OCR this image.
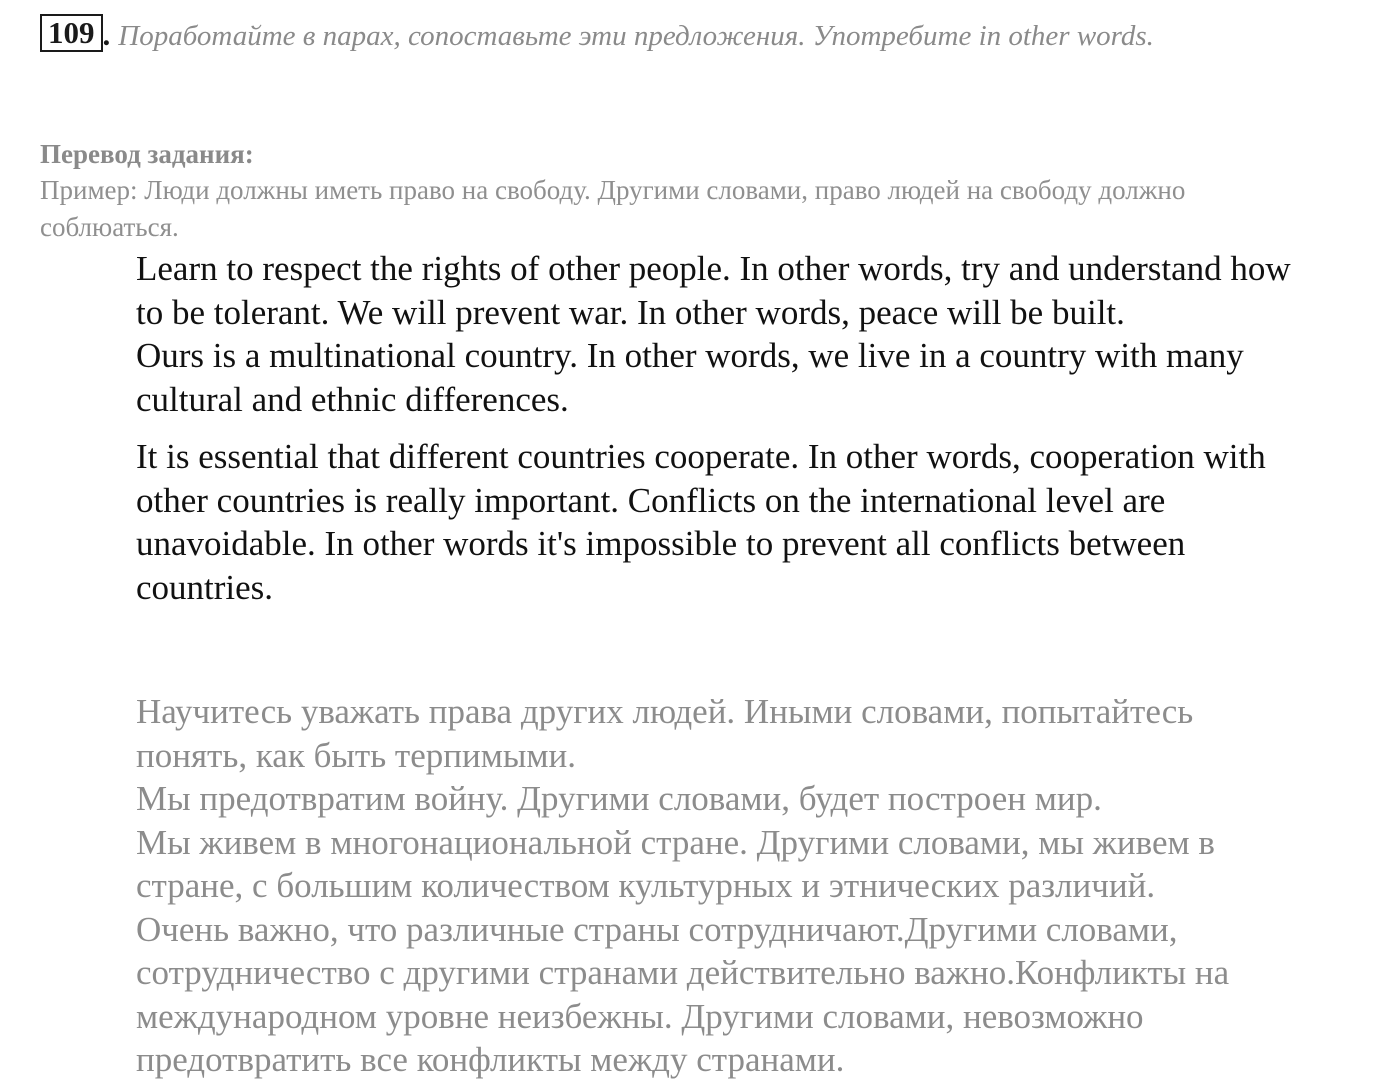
109 . Поработайте в парах, сопоставьте эти предложения. Употребите in other words.
Перевод задания:
Пример: Люди должны иметь право на свободу. Другими словами, право людей на свободу должно соблюаться.

Learn to respect the rights of other people. In other words, try and understand how to be tolerant. We will prevent war. In other words, peace will be built.

Ours is a multinational country. In other words, we live in a country with many cultural and ethnic differences.

It is essential that different countries cooperate. In other words, cooperation with other countries is really important. Conflicts on the international level are unavoidable. In other words it's impossible to prevent all conflicts between countries.

Научитесь уважать права других людей. Иными словами, попытайтесь понять, как быть терпимыми.

Мы предотвратим войну. Другими словами, будет построен мир.

Мы живем в многонациональной стране. Другими словами, мы живем в стране, с большим количеством культурных и этнических различий.

Очень важно, что различные страны сотрудничают.Другими словами, сотрудничество с другими странами действительно важно.Конфликты на международном уровне неизбежны. Другими словами, невозможно предотвратить все конфликты между странами.
